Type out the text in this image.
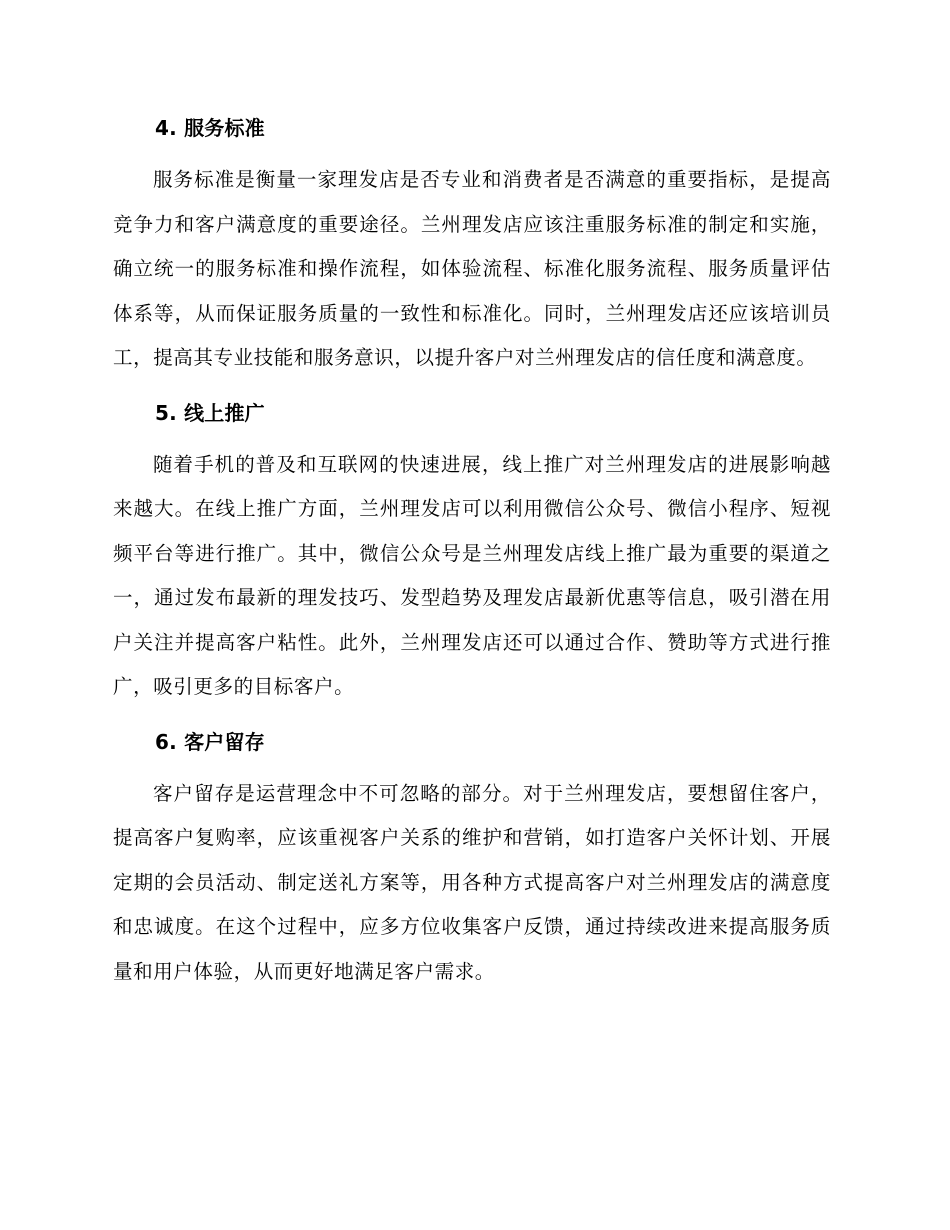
4. 服务标准

服务标准是衡量一家理发店是否专业和消费者是否满意的重要指标，是提高竞争力和客户满意度的重要途径。兰州理发店应该注重服务标准的制定和实施，确立统一的服务标准和操作流程，如体验流程、标准化服务流程、服务质量评估体系等，从而保证服务质量的一致性和标准化。同时，兰州理发店还应该培训员工，提高其专业技能和服务意识，以提升客户对兰州理发店的信任度和满意度。

5. 线上推广

随着手机的普及和互联网的快速进展，线上推广对兰州理发店的进展影响越来越大。在线上推广方面，兰州理发店可以利用微信公众号、微信小程序、短视频平台等进行推广。其中，微信公众号是兰州理发店线上推广最为重要的渠道之一，通过发布最新的理发技巧、发型趋势及理发店最新优惠等信息，吸引潜在用户关注并提高客户粘性。此外，兰州理发店还可以通过合作、赞助等方式进行推广，吸引更多的目标客户。

6. 客户留存

客户留存是运营理念中不可忽略的部分。对于兰州理发店，要想留住客户，提高客户复购率，应该重视客户关系的维护和营销，如打造客户关怀计划、开展定期的会员活动、制定送礼方案等，用各种方式提高客户对兰州理发店的满意度和忠诚度。在这个过程中，应多方位收集客户反馈，通过持续改进来提高服务质量和用户体验，从而更好地满足客户需求。
